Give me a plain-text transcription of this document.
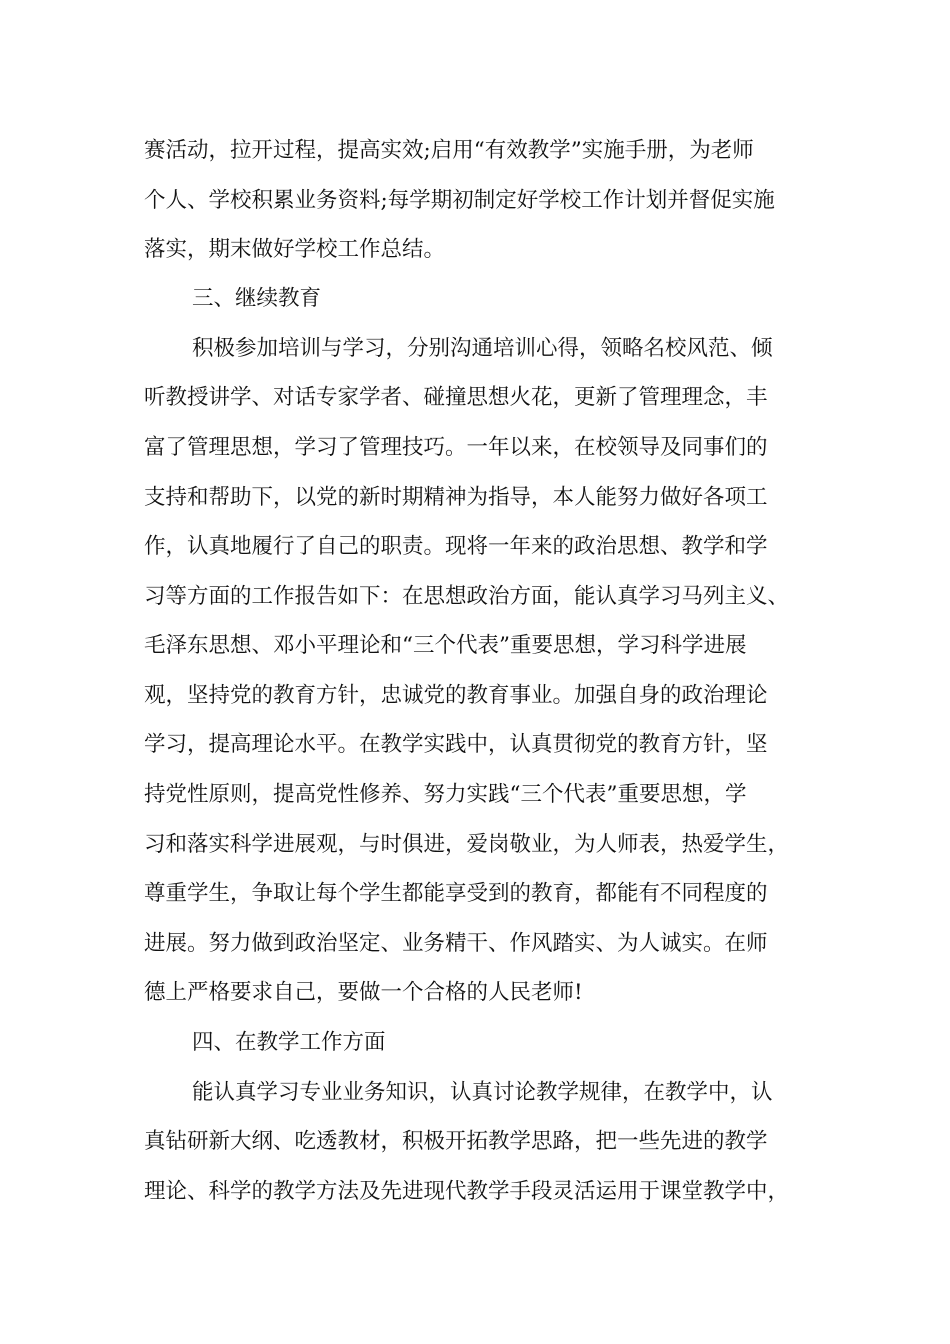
赛活动，拉开过程，提高实效;启用“有效教学”实施手册，为老师
个人、学校积累业务资料;每学期初制定好学校工作计划并督促实施
落实，期末做好学校工作总结。
三、继续教育
积极参加培训与学习，分别沟通培训心得，领略名校风范、倾
听教授讲学、对话专家学者、碰撞思想火花，更新了管理理念，丰
富了管理思想，学习了管理技巧。一年以来，在校领导及同事们的
支持和帮助下，以党的新时期精神为指导，本人能努力做好各项工
作，认真地履行了自己的职责。现将一年来的政治思想、教学和学
习等方面的工作报告如下：在思想政治方面，能认真学习马列主义、
毛泽东思想、邓小平理论和“三个代表”重要思想，学习科学进展
观，坚持党的教育方针，忠诚党的教育事业。加强自身的政治理论
学习，提高理论水平。在教学实践中，认真贯彻党的教育方针，坚
持党性原则，提高党性修养、努力实践“三个代表”重要思想，学
习和落实科学进展观，与时俱进，爱岗敬业，为人师表，热爱学生，
尊重学生，争取让每个学生都能享受到的教育，都能有不同程度的
进展。努力做到政治坚定、业务精干、作风踏实、为人诚实。在师
德上严格要求自己，要做一个合格的人民老师!
四、在教学工作方面
能认真学习专业业务知识，认真讨论教学规律，在教学中，认
真钻研新大纲、吃透教材，积极开拓教学思路，把一些先进的教学
理论、科学的教学方法及先进现代教学手段灵活运用于课堂教学中，
